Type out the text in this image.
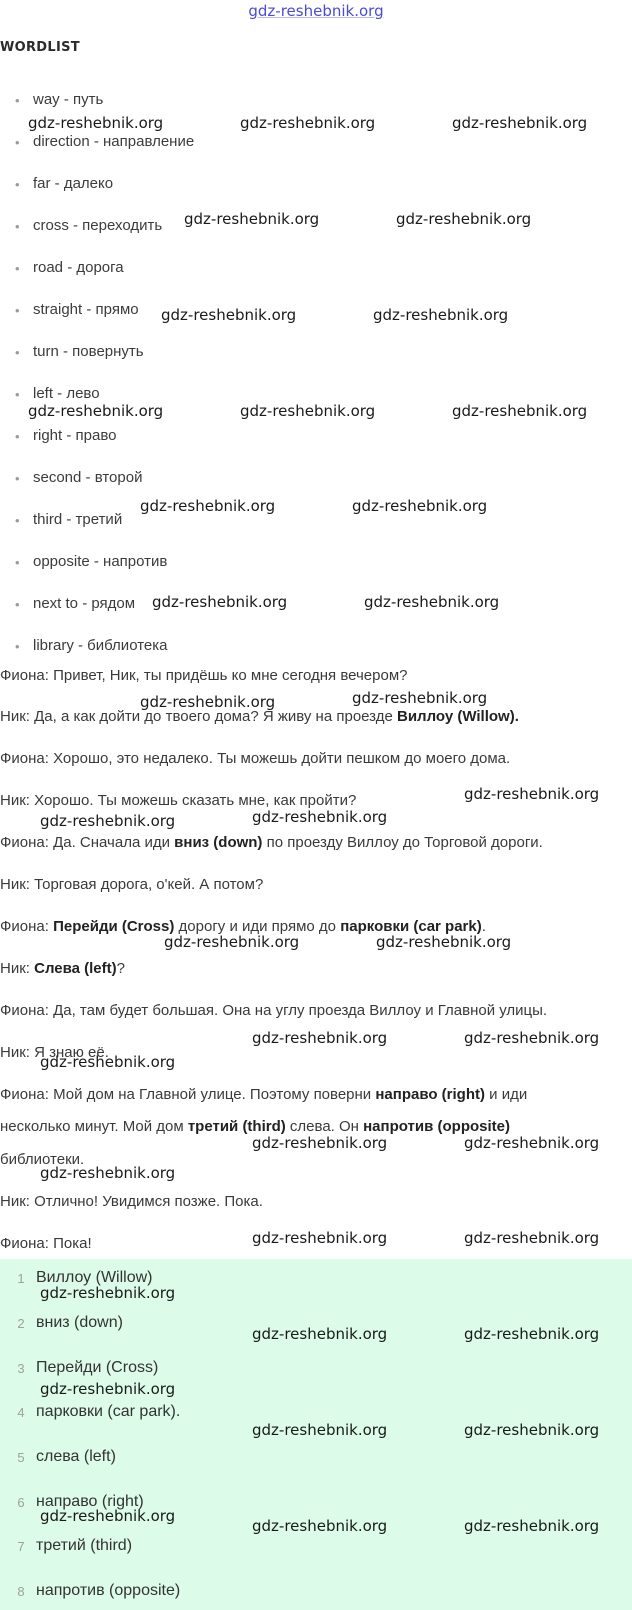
gdz-reshebnik.org
WORDLIST
• way - путь
• direction - направление
• far - далеко
• cross - переходить
• road - дорога
• straight - прямо
• turn - повернуть
• left - лево
• right - право
• second - второй
• third - третий
• opposite - напротив
• next to - рядом
• library - библиотека
Фиона: Привет, Ник, ты придёшь ко мне сегодня вечером?
Ник: Да, а как дойти до твоего дома? Я живу на проезде Виллоу (Willow).
Фиона: Хорошо, это недалеко. Ты можешь дойти пешком до моего дома.
Ник: Хорошо. Ты можешь сказать мне, как пройти?
Фиона: Да. Сначала иди вниз (down) по проезду Виллоу до Торговой дороги.
Ник: Торговая дорога, о'кей. А потом?
Фиона: Перейди (Cross) дорогу и иди прямо до парковки (car park).
Ник: Слева (left)?
Фиона: Да, там будет большая. Она на углу проезда Виллоу и Главной улицы.
Ник: Я знаю её.
Фиона: Мой дом на Главной улице. Поэтому поверни направо (right) и иди
несколько минут. Мой дом третий (third) слева. Он напротив (opposite)
библиотеки.
Ник: Отлично! Увидимся позже. Пока.
Фиона: Пока!
1 Виллоу (Willow)
2 вниз (down)
3 Перейди (Cross)
4 парковки (car park).
5 слева (left)
6 направо (right)
7 третий (third)
8 напротив (opposite)
gdz-reshebnik.org	gdz-reshebnik.org	gdz-reshebnik.org
gdz-reshebnik.org	gdz-reshebnik.org
gdz-reshebnik.org	gdz-reshebnik.org
gdz-reshebnik.org	gdz-reshebnik.org	gdz-reshebnik.org
gdz-reshebnik.org	gdz-reshebnik.org
gdz-reshebnik.org	gdz-reshebnik.org
gdz-reshebnik.org	gdz-reshebnik.org
gdz-reshebnik.org
gdz-reshebnik.org	gdz-reshebnik.org
gdz-reshebnik.org	gdz-reshebnik.org
gdz-reshebnik.org	gdz-reshebnik.org
gdz-reshebnik.org
gdz-reshebnik.org	gdz-reshebnik.org
gdz-reshebnik.org
gdz-reshebnik.org	gdz-reshebnik.org
gdz-reshebnik.org
gdz-reshebnik.org	gdz-reshebnik.org
gdz-reshebnik.org
gdz-reshebnik.org	gdz-reshebnik.org
gdz-reshebnik.org
gdz-reshebnik.org	gdz-reshebnik.org
